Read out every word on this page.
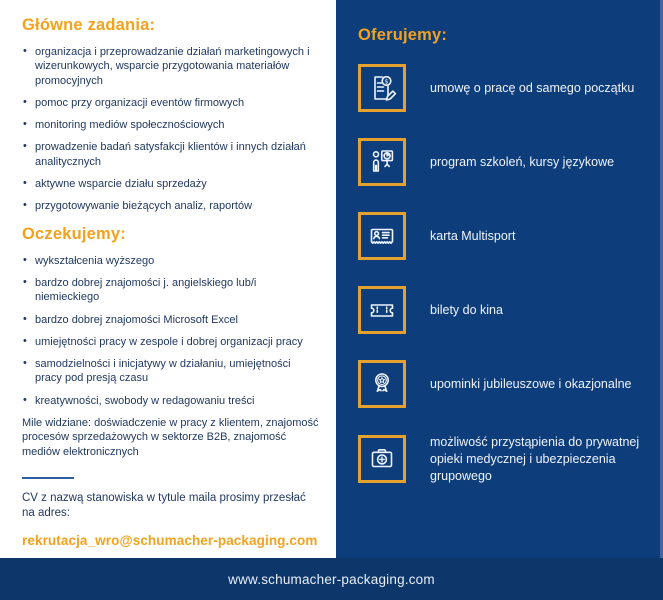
Główne zadania:
• organizacja i przeprowadzanie działań marketingowych i wizerunkowych, wsparcie przygotowania materiałów promocyjnych
• pomoc przy organizacji eventów firmowych
• monitoring mediów społecznościowych
• prowadzenie badań satysfakcji klientów i innych działań analitycznych
• aktywne wsparcie działu sprzedaży
• przygotowywanie bieżących analiz, raportów
Oczekujemy:
• wykształcenia wyższego
• bardzo dobrej znajomości j. angielskiego lub/i niemieckiego
• bardzo dobrej znajomości Microsoft Excel
• umiejętności pracy w zespole i dobrej organizacji pracy
• samodzielności i inicjatywy w działaniu, umiejętności pracy pod presją czasu
• kreatywności, swobody w redagowaniu treści

Mile widziane: doświadczenie w pracy z klientem, znajomość procesów sprzedażowych w sektorze B2B, znajomość mediów elektronicznych

CV z nazwą stanowiska w tytule maila prosimy przesłać na adres:

rekrutacja_wro@schumacher-packaging.com

Oferujemy:
$	umowę o pracę od samego początku
program szkoleń, kursy językowe
karta Multisport
bilety do kina
upominki jubileuszowe i okazjonalne
możliwość przystąpienia do prywatnej opieki medycznej i ubezpieczenia grupowego
www.schumacher-packaging.com
